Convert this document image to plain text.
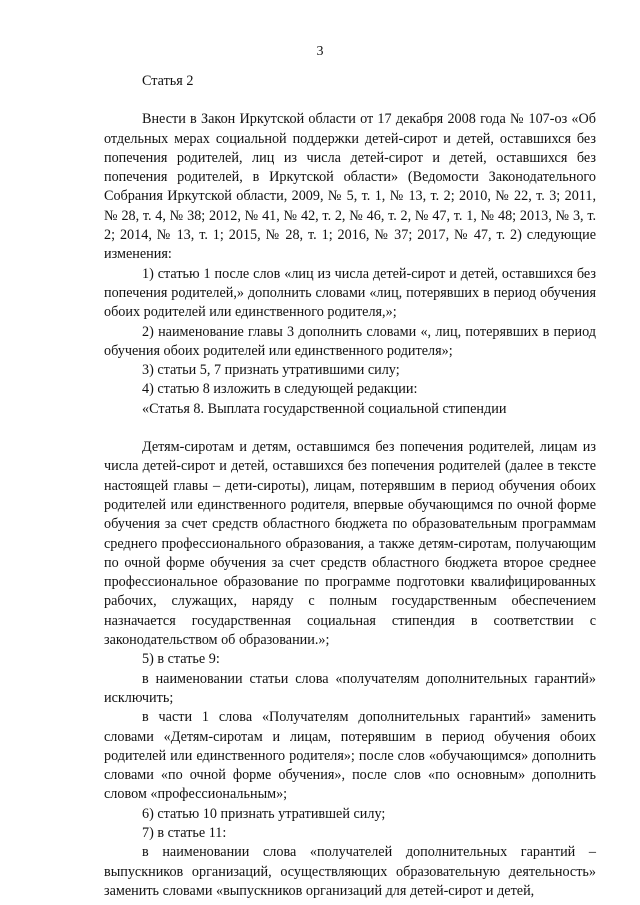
3

Статья 2

Внести в Закон Иркутской области от 17 декабря 2008 года № 107-оз «Об отдельных мерах социальной поддержки детей-сирот и детей, оставшихся без попечения родителей, лиц из числа детей-сирот и детей, оставшихся без попечения родителей, в Иркутской области» (Ведомости Законодательного Собрания Иркутской области, 2009, № 5, т. 1, № 13, т. 2; 2010, № 22, т. 3; 2011, № 28, т. 4, № 38; 2012, № 41, № 42, т. 2, № 46, т. 2, № 47, т. 1, № 48; 2013, № 3, т. 2; 2014, № 13, т. 1; 2015, № 28, т. 1; 2016, № 37; 2017, № 47, т. 2) следующие изменения:

1) статью 1 после слов «лиц из числа детей-сирот и детей, оставшихся без попечения родителей,» дополнить словами «лиц, потерявших в период обучения обоих родителей или единственного родителя,»;

2) наименование главы 3 дополнить словами «, лиц, потерявших в период обучения обоих родителей или единственного родителя»;

3) статьи 5, 7 признать утратившими силу;

4) статью 8 изложить в следующей редакции:

«Статья 8. Выплата государственной социальной стипендии

Детям-сиротам и детям, оставшимся без попечения родителей, лицам из числа детей-сирот и детей, оставшихся без попечения родителей (далее в тексте настоящей главы – дети-сироты), лицам, потерявшим в период обучения обоих родителей или единственного родителя, впервые обучающимся по очной форме обучения за счет средств областного бюджета по образовательным программам среднего профессионального образования, а также детям-сиротам, получающим по очной форме обучения за счет средств областного бюджета второе среднее профессиональное образование по программе подготовки квалифицированных рабочих, служащих, наряду с полным государственным обеспечением назначается государственная социальная стипендия в соответствии с законодательством об образовании.»;

5) в статье 9:

в наименовании статьи слова «получателям дополнительных гарантий» исключить;

в части 1 слова «Получателям дополнительных гарантий» заменить словами «Детям-сиротам и лицам, потерявшим в период обучения обоих родителей или единственного родителя»; после слов «обучающимся» дополнить словами «по очной форме обучения», после слов «по основным» дополнить словом «профессиональным»;

6) статью 10 признать утратившей силу;

7) в статье 11:

в наименовании слова «получателей дополнительных гарантий – выпускников организаций, осуществляющих образовательную деятельность» заменить словами «выпускников организаций для детей-сирот и детей,
